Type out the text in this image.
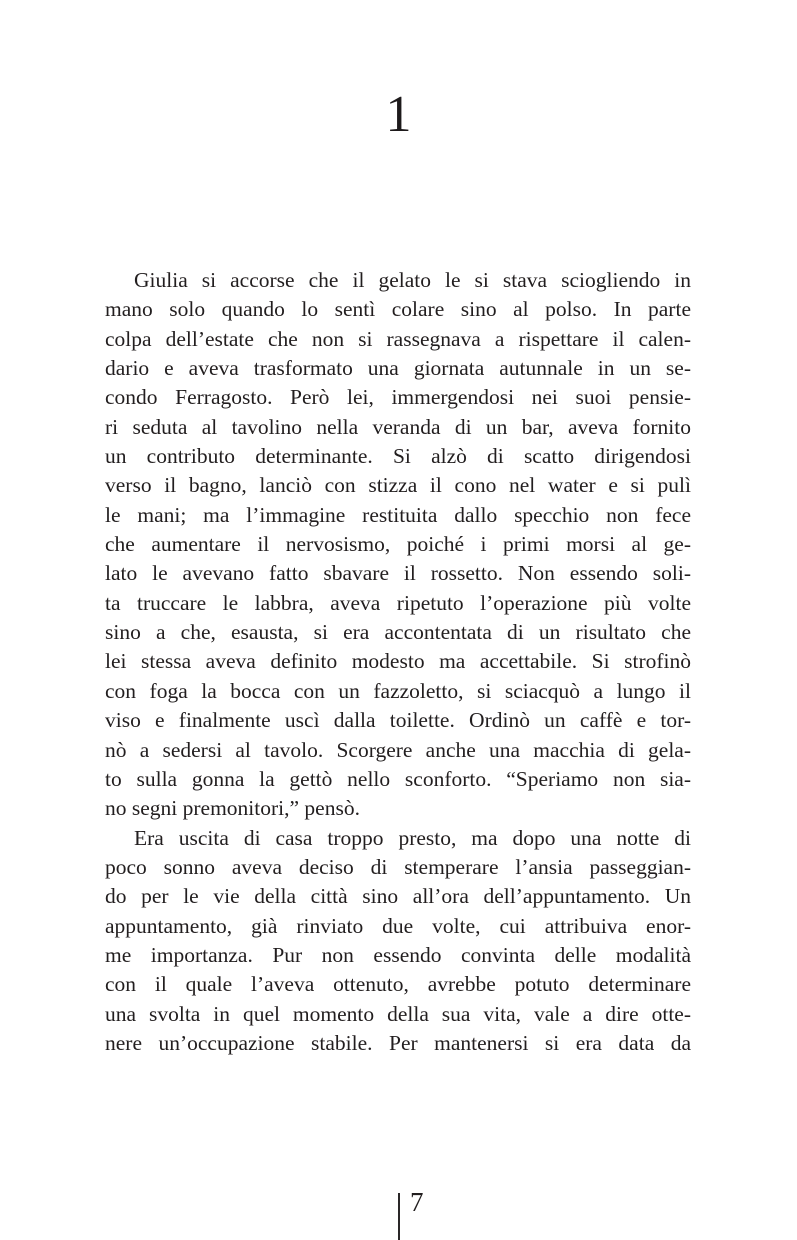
1
Giulia si accorse che il gelato le si stava sciogliendo in
mano solo quando lo sentì colare sino al polso. In parte
colpa dell’estate che non si rassegnava a rispettare il calen-
dario e aveva trasformato una giornata autunnale in un se-
condo Ferragosto. Però lei, immergendosi nei suoi pensie-
ri seduta al tavolino nella veranda di un bar, aveva fornito
un contributo determinante. Si alzò di scatto dirigendosi
verso il bagno, lanciò con stizza il cono nel water e si pulì
le mani; ma l’immagine restituita dallo specchio non fece
che aumentare il nervosismo, poiché i primi morsi al ge-
lato le avevano fatto sbavare il rossetto. Non essendo soli-
ta truccare le labbra, aveva ripetuto l’operazione più volte
sino a che, esausta, si era accontentata di un risultato che
lei stessa aveva definito modesto ma accettabile. Si strofinò
con foga la bocca con un fazzoletto, si sciacquò a lungo il
viso e finalmente uscì dalla toilette. Ordinò un caffè e tor-
nò a sedersi al tavolo. Scorgere anche una macchia di gela-
to sulla gonna la gettò nello sconforto. “Speriamo non sia-
no segni premonitori,” pensò.
Era uscita di casa troppo presto, ma dopo una notte di
poco sonno aveva deciso di stemperare l’ansia passeggian-
do per le vie della città sino all’ora dell’appuntamento. Un
appuntamento, già rinviato due volte, cui attribuiva enor-
me importanza. Pur non essendo convinta delle modalità
con il quale l’aveva ottenuto, avrebbe potuto determinare
una svolta in quel momento della sua vita, vale a dire otte-
nere un’occupazione stabile. Per mantenersi si era data da
7
